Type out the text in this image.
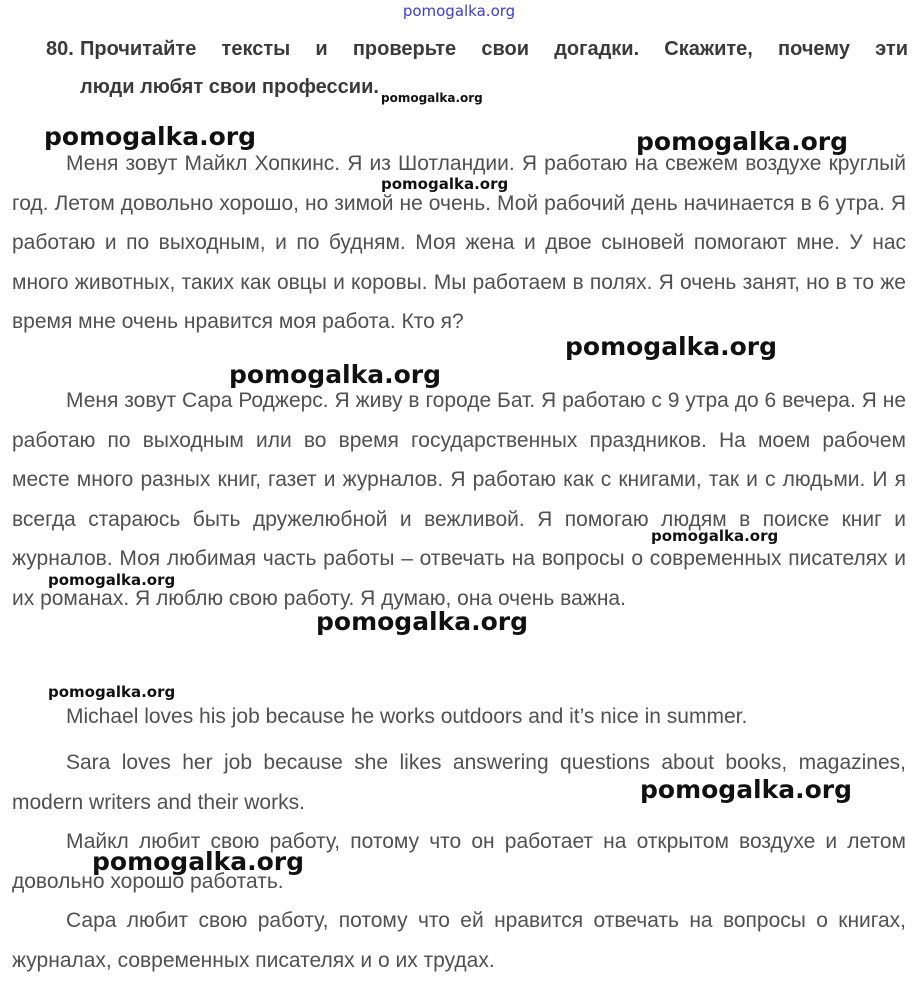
pomogalka.org
80. Прочитайте тексты и проверьте свои догадки. Скажите, почему эти
люди любят свои профессии.

Меня зовут Майкл Хопкинс. Я из Шотландии. Я работаю на свежем воздухе круглый год. Летом довольно хорошо, но зимой не очень. Мой рабочий день начинается в 6 утра. Я работаю и по выходным, и по будням. Моя жена и двое сыновей помогают мне. У нас много животных, таких как овцы и коровы. Мы работаем в полях. Я очень занят, но в то же время мне очень нравится моя работа. Кто я?

Меня зовут Сара Роджерс. Я живу в городе Бат. Я работаю с 9 утра до 6 вечера. Я не работаю по выходным или во время государственных праздников. На моем рабочем месте много разных книг, газет и журналов. Я работаю как с книгами, так и с людьми. И я всегда стараюсь быть дружелюбной и вежливой. Я помогаю людям в поиске книг и журналов. Моя любимая часть работы – отвечать на вопросы о современных писателях и их романах. Я люблю свою работу. Я думаю, она очень важна.

Michael loves his job because he works outdoors and it’s nice in summer.

Sara loves her job because she likes answering questions about books, magazines, modern writers and their works.

Майкл любит свою работу, потому что он работает на открытом воздухе и летом довольно хорошо работать.

Сара любит свою работу, потому что ей нравится отвечать на вопросы о книгах, журналах, современных писателях и о их трудах.

pomogalka.org
pomogalka.org	pomogalka.org
pomogalka.org
pomogalka.org
pomogalka.org
pomogalka.org
pomogalka.org
pomogalka.org
pomogalka.org
pomogalka.org
pomogalka.org
